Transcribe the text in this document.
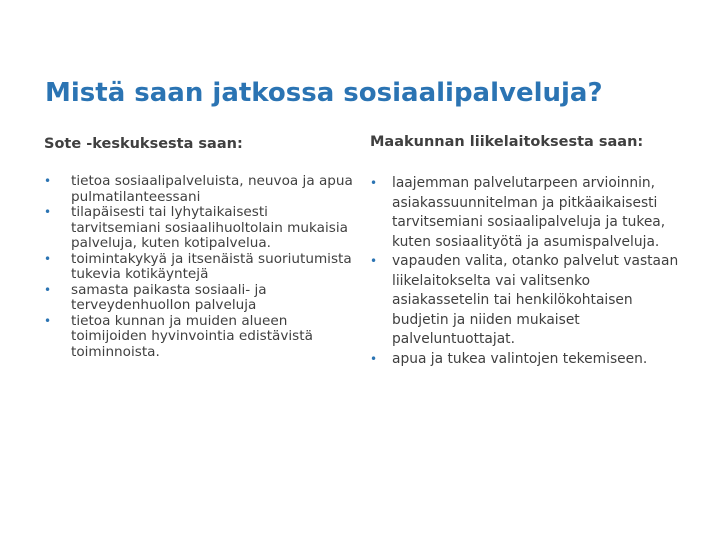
Mistä saan jatkossa sosiaalipalveluja?
Sote -keskuksesta saan:
• tietoa sosiaalipalveluista, neuvoa ja apua pulmatilanteessani
• tilapäisesti tai lyhytaikaisesti tarvitsemiani sosiaalihuoltolain mukaisia palveluja, kuten kotipalvelua.
• toimintakykyä ja itsenäistä suoriutumista tukevia kotikäyntejä
• samasta paikasta sosiaali- ja terveydenhuollon palveluja
• tietoa kunnan ja muiden alueen toimijoiden hyvinvointia edistävistä toiminnoista.
Maakunnan liikelaitoksesta saan:
• laajemman palvelutarpeen arvioinnin, asiakassuunnitelman ja pitkäaikaisesti tarvitsemiani sosiaalipalveluja ja tukea, kuten sosiaalityötä ja asumispalveluja.
• vapauden valita, otanko palvelut vastaan liikelaitokselta vai valitsenko asiakassetelin tai henkilökohtaisen budjetin ja niiden mukaiset palveluntuottajat.
• apua ja tukea valintojen tekemiseen.
